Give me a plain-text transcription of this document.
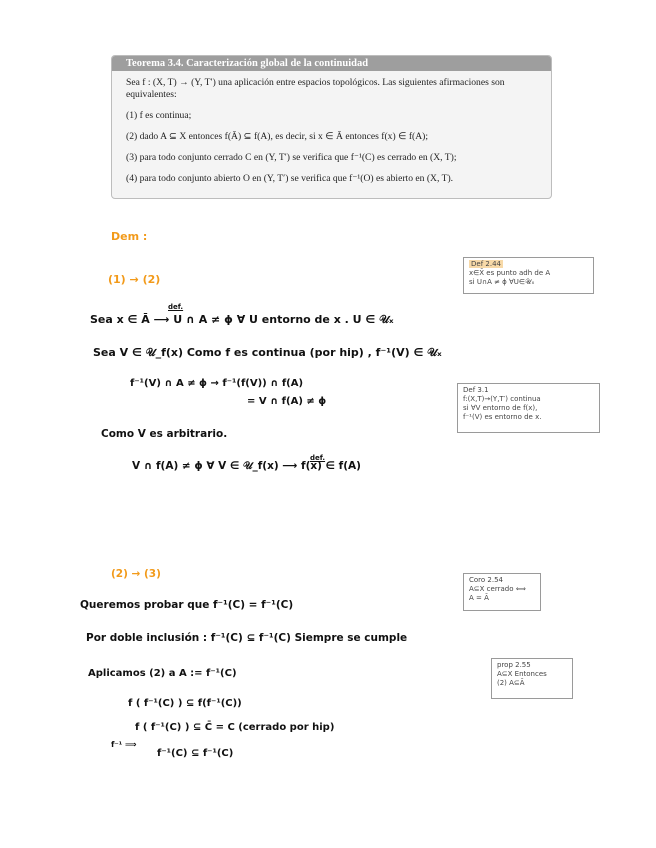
Teorema 3.4. Caracterización global de la continuidad

Sea f : (X, T) → (Y, T′) una aplicación entre espacios topológicos. Las siguientes afirmaciones son equivalentes:

(1) f es continua;
(2) dado A ⊆ X entonces f(Ā) ⊆ f(A), es decir, si x ∈ Ā entonces f(x) ∈ f(A);
(3) para todo conjunto cerrado C en (Y, T′) se verifica que f⁻¹(C) es cerrado en (X, T);
(4) para todo conjunto abierto O en (Y, T′) se verifica que f⁻¹(O) es abierto en (X, T).
Dem :
(1) → (2)
def.
Sea x ∈ Ā ⟶ U ∩ A ≠ ϕ ∀ U entorno de x . U ∈ 𝒰ₓ
Sea V ∈ 𝒰_f(x) Como f es continua (por hip) , f⁻¹(V) ∈ 𝒰ₓ
f⁻¹(V) ∩ A ≠ ϕ → f⁻¹(f(V)) ∩ f(A)
= V ∩ f(A) ≠ ϕ
Como V es arbitrario.
def.
V ∩ f(A) ≠ ϕ ∀ V ∈ 𝒰_f(x) ⟶ f(x) ∈ f(A)
(2) → (3)
Queremos probar que f⁻¹(C) = f⁻¹(C)
Por doble inclusión : f⁻¹(C) ⊆ f⁻¹(C) Siempre se cumple
Aplicamos (2) a A := f⁻¹(C)
f ( f⁻¹(C) ) ⊆ f(f⁻¹(C))
f ( f⁻¹(C) ) ⊆ C̄ = C (cerrado por hip)
f⁻¹ ⟹
f⁻¹(C) ⊆ f⁻¹(C)
Def 2.44
x∈X̄ es punto adh de A
si U∩A ≠ ϕ ∀U∈𝒰ₓ
Def 3.1
f:(X,T)→(Y,T′) continua
si ∀V entorno de f(x),
f⁻¹(V) es entorno de x.
Coro 2.54
A⊆X cerrado ⟺
A = Ā
prop 2.55
A⊆X Entonces
(2) A⊆Ā
